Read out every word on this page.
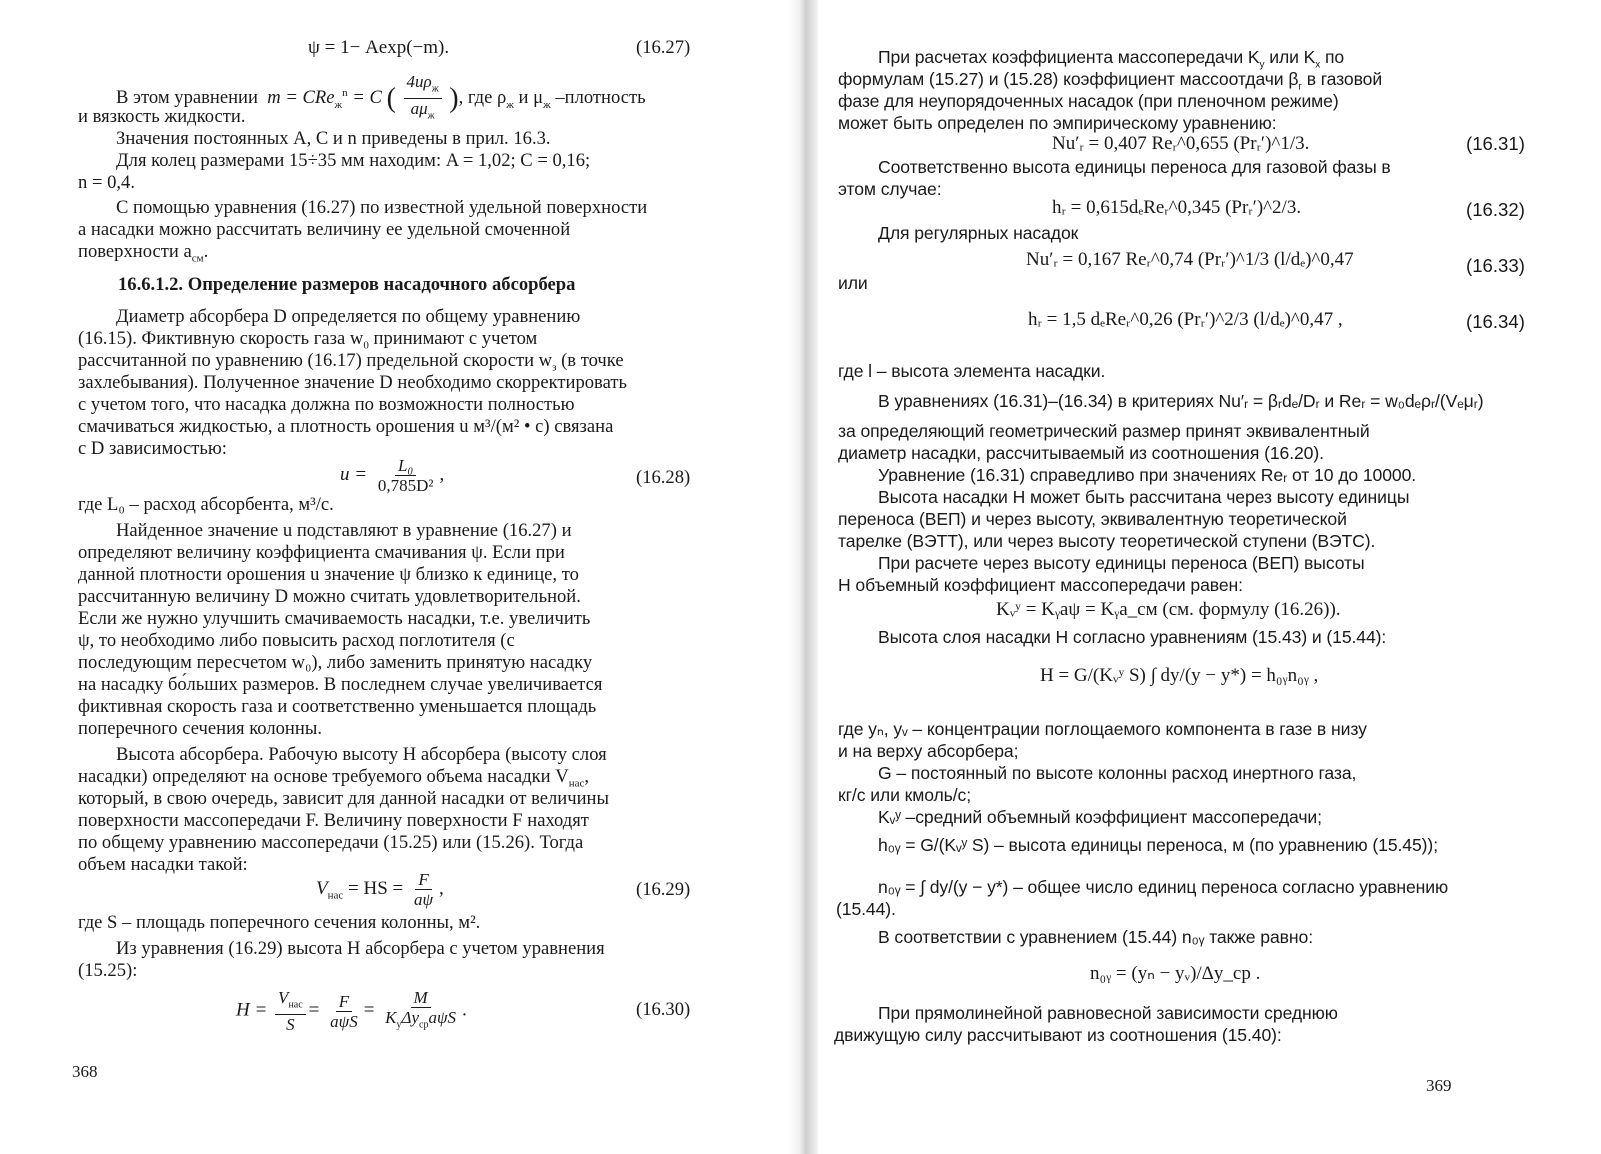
ψ = 1− Aexp(−m).	(16.27)
В этом уравнении m = CRe$_ж^n$ = C ( $\frac{4u\rho_ж}{a\mu_ж}$ ), где $\rho_ж$ и $\mu_ж$ –плотность
и вязкость жидкости.
Значения постоянных A, C и n приведены в прил. 16.3.
Для колец размерами 15÷35 мм находим: A = 1,02; C = 0,16;
n = 0,4.
С помощью уравнения (16.27) по известной удельной поверхности
a насадки можно рассчитать величину ее удельной смоченной
поверхности $a_{см}$.
16.6.1.2. Определение размеров насадочного абсорбера
Диаметр абсорбера D определяется по общему уравнению
(16.15). Фиктивную скорость газа $w_0$ принимают с учетом
рассчитанной по уравнению (16.17) предельной скорости $w_з$ (в точке
захлебывания). Полученное значение D необходимо скорректировать
с учетом того, что насадка должна по возможности полностью
смачиваться жидкостью, а плотность орошения u м³/(м² • с) связана
с D зависимостью:
$u = \frac{\text{L₀}}{\text{0,785D²}}$ ,	(16.28)
где L₀ – расход абсорбента, м³/с.
Найденное значение u подставляют в уравнение (16.27) и
определяют величину коэффициента смачивания ψ. Если при
данной плотности орошения u значение ψ близко к единице, то
рассчитанную величину D можно считать удовлетворительной.
Если же нужно улучшить смачиваемость насадки, т.е. увеличить
ψ, то необходимо либо повысить расход поглотителя (с
последующим пересчетом w₀), либо заменить принятую насадку
на насадку бо́льших размеров. В последнем случае увеличивается
фиктивная скорость газа и соответственно уменьшается площадь
поперечного сечения колонны.
Высота абсорбера. Рабочую высоту H абсорбера (высоту слоя
насадки) определяют на основе требуемого объема насадки $V_{нас}$,
который, в свою очередь, зависит для данной насадки от величины
поверхности массопередачи F. Величину поверхности F находят
по общему уравнению массопередачи (15.25) или (15.26). Тогда
объем насадки такой:
$V_{нас}$ = HS = $\frac{F}{a\psi}$ ,	(16.29)
где S – площадь поперечного сечения колонны, м².
Из уравнения (16.29) высота H абсорбера с учетом уравнения
(15.25):
$H = \frac{V_{нас}}{S} = \frac{F}{\text{aψS}} = \frac{M}{K_y\Delta y_{ср}a\psi S}$ .	(16.30)
368
При расчетах коэффициента массопередачи $K_y$ или $K_x$ по
формулам (15.27) и (15.28) коэффициент массоотдачи $\beta_г$ в газовой
фазе для неупорядоченных насадок (при пленочном режиме)
может быть определен по эмпирическому уравнению:
Nu′ᵣ = 0,407 Reᵣ^0,655 (Prᵣ′)^1/3.	(16.31)
Соответственно высота единицы переноса для газовой фазы в
этом случае:
hᵣ = 0,615dₑReᵣ^0,345 (Prᵣ′)^2/3.	(16.32)
Для регулярных насадок
Nu′ᵣ = 0,167 Reᵣ^0,74 (Prᵣ′)^1/3 (l/dₑ)^0,47	(16.33)
или
hᵣ = 1,5 dₑReᵣ^0,26 (Prᵣ′)^2/3 (l/dₑ)^0,47 ,	(16.34)
где l – высота элемента насадки.
В уравнениях (16.31)–(16.34) в критериях Nu′ᵣ = βᵣdₑ/Dᵣ и Reᵣ = w₀dₑρᵣ/(Vₑμᵣ)
за определяющий геометрический размер принят эквивалентный
диаметр насадки, рассчитываемый из соотношения (16.20).
Уравнение (16.31) справедливо при значениях Reᵣ от 10 до 10000.
Высота насадки H может быть рассчитана через высоту единицы
переноса (ВЕП) и через высоту, эквивалентную теоретической
тарелке (ВЭТТ), или через высоту теоретической ступени (ВЭТС).
При расчете через высоту единицы переноса (ВЕП) высоты
H объемный коэффициент массопередачи равен:
Kᵥʸ = Kᵧaψ = Kᵧa_см (см. формулу (16.26)).
Высота слоя насадки H согласно уравнениям (15.43) и (15.44):
H = G/(Kᵥʸ S) ∫ dy/(y − y*) = h₀ᵧn₀ᵧ ,
где yₙ, yᵥ – концентрации поглощаемого компонента в газе в низу
и на верху абсорбера;
G – постоянный по высоте колонны расход инертного газа,
кг/с или кмоль/с;
Kᵥʸ –средний объемный коэффициент массопередачи;
h₀ᵧ = G/(Kᵥʸ S) – высота единицы переноса, м (по уравнению (15.45));
n₀ᵧ = ∫ dy/(y − y*) – общее число единиц переноса согласно уравнению
(15.44).
В соответствии с уравнением (15.44) n₀ᵧ также равно:
n₀ᵧ = (yₙ − yᵥ)/Δy_ср .
При прямолинейной равновесной зависимости среднюю
движущую силу рассчитывают из соотношения (15.40):
369
